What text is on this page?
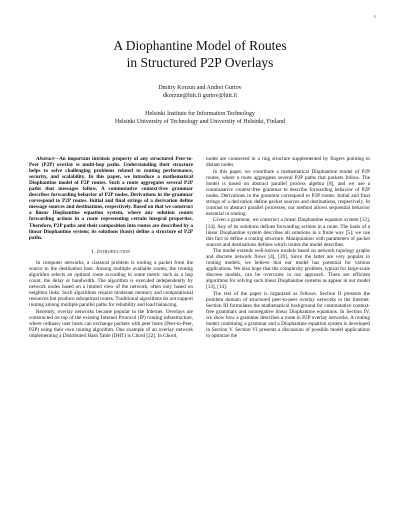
1
A Diophantine Model of Routes
in Structured P2P Overlays
Dmitry Korzun and Andrei Gurtov
dkorzun@hiit.fi gurtov@hiit.fi
Helsinki Institute for Information Technology
Helsinki University of Technology and University of Helsinki, Finland

Abstract—An important intrinsic property of any structured Peer-to-Peer (P2P) overlay is multi-hop paths. Understanding their structure helps to solve challenging problems related to routing performance, security, and scalability. In this paper, we introduce a mathematical Diophantine model of P2P routes. Such a route aggregates several P2P paths that messages follow. A commutative context-free grammar describes forwarding behavior of P2P nodes. Derivations in the grammar correspond to P2P routes. Initial and final strings of a derivation define message sources and destinations, respectively. Based on that we construct a linear Diophantine equation system, where any solution counts forwarding actions in a route representing certain integral properties. Therefore, P2P paths and their composition into routes are described by a linear Diophantine system; its solutions (basis) define a structure of P2P paths.

I. Introduction

In computer networks, a classical problem is routing a packet from the source to the destination host. Among multiple available routes, the routing algorithm selects an optimal route according to some metric such as a hop count, the delay or bandwidth. The algorithm is executed independently by network nodes based on a limited view of the network, often only based on neighbor links. Such algorithms require moderate memory and computational resources but produce suboptimal routes. Traditional algorithms do not support routing among multiple parallel paths for reliability and load balancing.

Recently, overlay networks became popular in the Internet. Overlays are constructed on top of the existing Internet Protocol (IP) routing infrastructure, where ordinary user hosts can exchange packets with peer hosts (Peer-to-Peer, P2P) using their own routing algorithm. One example of an overlay network implementing a Distributed Hash Table (DHT) is Chord [22]. In Chord,

nodes are connected in a ring structure supplemented by fingers pointing to distant nodes.

In this paper, we contribute a mathematical Diophantine model of P2P routes, where a route aggregates several P2P paths that packets follow. The model is based on abstract parallel process algebra [8], and we use a commutative context-free grammar to describe forwarding behavior of P2P nodes. Derivations in the grammar correspond to P2P routes. Initial and final strings of a derivation define packet sources and destinations, respectively. In contrast to abstract parallel processes, our method allows sequential behavior essential in routing.

Given a grammar, we construct a linear Diophantine equation system [12], [14]. Any of its solutions defines forwarding actions in a route. The basis of a linear Diophantine system describes all solutions in a finite way [5]; we use this fact to define a routing structure. Manipulation with parameters of packet sources and destinations defines which routes the model describes.

The model extends well-known models based on network topology graphs and discrete network flows [4], [20]. Since the latter are very popular in routing models, we believe that our model has potential for various applications. We also hope that the complexity problem, typical for large-scale discrete models, can be overcome in our approach. There are efficient algorithms for solving such linear Diophantine systems as appear in our model [13], [14].

The rest of the paper is organized as follows. Section II presents the problem domain of structured peer-to-peer overlay networks in the Internet. Section III formulates the mathematical background for commutative context-free grammars and nonnegative linear Diophantine equations. In Section IV, we show how a grammar describes a route in P2P overlay networks. A routing model combining a grammar and a Diophantine equation system is developed in Section V. Section VI presents a discussion of possible model applications to optimize the
